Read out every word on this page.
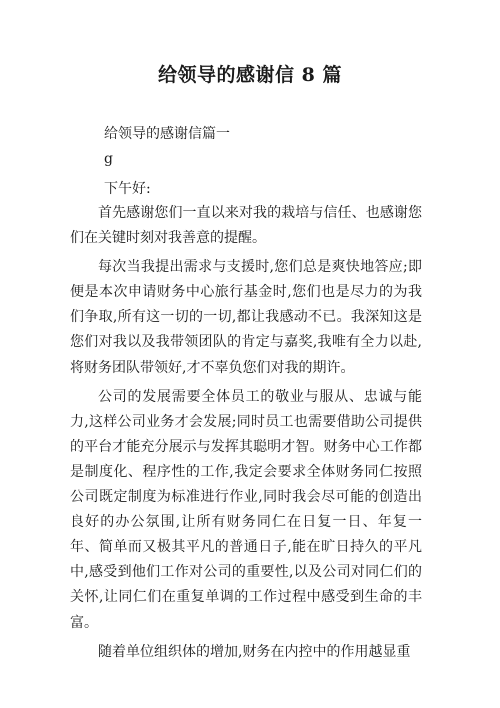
给领导的感谢信 8 篇
给领导的感谢信篇一
g
下午好:

首先感谢您们一直以来对我的栽培与信任、也感谢您们在关键时刻对我善意的提醒。

每次当我提出需求与支援时,您们总是爽快地答应;即便是本次申请财务中心旅行基金时,您们也是尽力的为我们争取,所有这一切的一切,都让我感动不已。我深知这是您们对我以及我带领团队的肯定与嘉奖,我唯有全力以赴,将财务团队带领好,才不辜负您们对我的期许。

公司的发展需要全体员工的敬业与服从、忠诚与能力,这样公司业务才会发展;同时员工也需要借助公司提供的平台才能充分展示与发挥其聪明才智。财务中心工作都是制度化、程序性的工作,我定会要求全体财务同仁按照公司既定制度为标准进行作业,同时我会尽可能的创造出良好的办公氛围,让所有财务同仁在日复一日、年复一年、简单而又极其平凡的普通日子,能在旷日持久的平凡中,感受到他们工作对公司的重要性,以及公司对同仁们的关怀,让同仁们在重复单调的工作过程中感受到生命的丰富。

随着单位组织体的增加,财务在内控中的作用越显重
